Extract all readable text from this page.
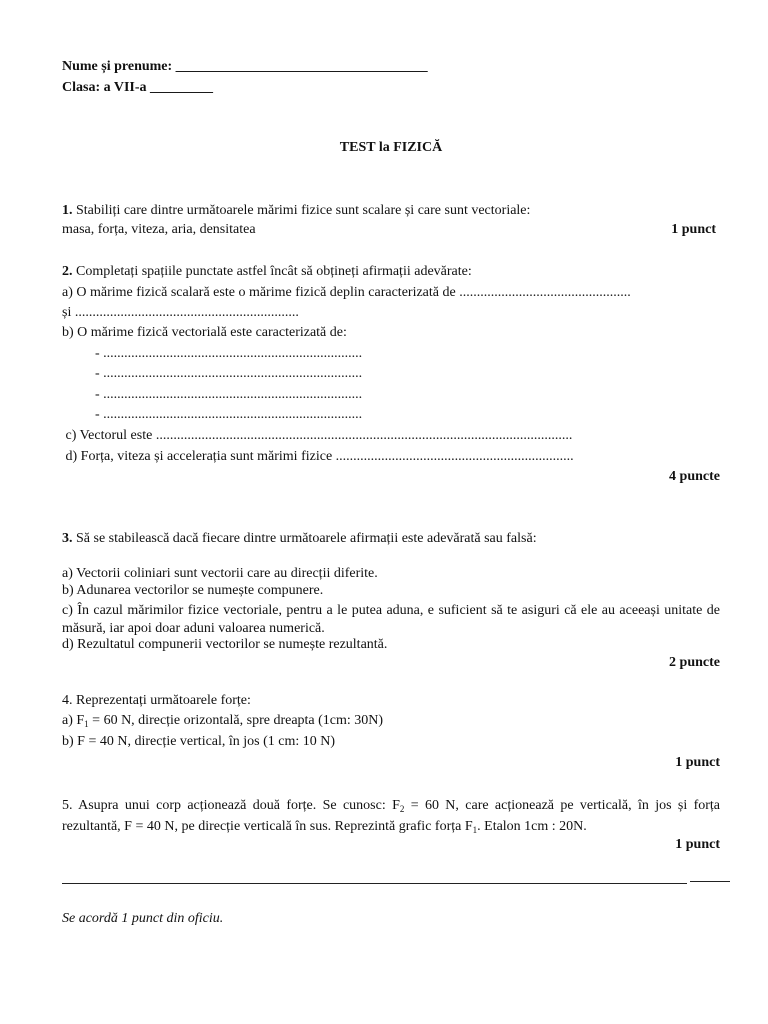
Nume și prenume: ____________________________________
Clasa: a VII-a _________
TEST la FIZICĂ
1. Stabiliți care dintre următoarele mărimi fizice sunt scalare și care sunt vectoriale:
masa, forța, viteza, aria, densitatea	1 punct
2. Completați spațiile punctate astfel încât să obțineți afirmații adevărate:
a) O mărime fizică scalară este o mărime fizică deplin caracterizată de .................................................
și ................................................................
b) O mărime fizică vectorială este caracterizată de:
- ..........................................................................
- ..........................................................................
- ..........................................................................
- ..........................................................................
c) Vectorul este .......................................................................................................................
d) Forța, viteza și accelerația sunt mărimi fizice ....................................................................
4 puncte
3. Să se stabilească dacă fiecare dintre următoarele afirmații este adevărată sau falsă:
a) Vectorii coliniari sunt vectorii care au direcții diferite.
b) Adunarea vectorilor se numește compunere.
c) În cazul mărimilor fizice vectoriale, pentru a le putea aduna, e suficient să te asiguri că ele au aceeași unitate de măsură, iar apoi doar aduni valoarea numerică.
d) Rezultatul compunerii vectorilor se numește rezultantă.
2 puncte
4. Reprezentați următoarele forțe:
a) $F_1 = 60$ N, direcție orizontală, spre dreapta (1cm: 30N)
b) F = 40 N, direcție vertical, în jos (1 cm: 10 N)
1 punct
5. Asupra unui corp acționează două forțe. Se cunosc: $F_2 = 60$ N, care acționează pe verticală, în jos și forța rezultantă, F = 40 N, pe direcție verticală în sus. Reprezintă grafic forța $F_1$. Etalon 1cm : 20N.
1 punct
Se acordă 1 punct din oficiu.
